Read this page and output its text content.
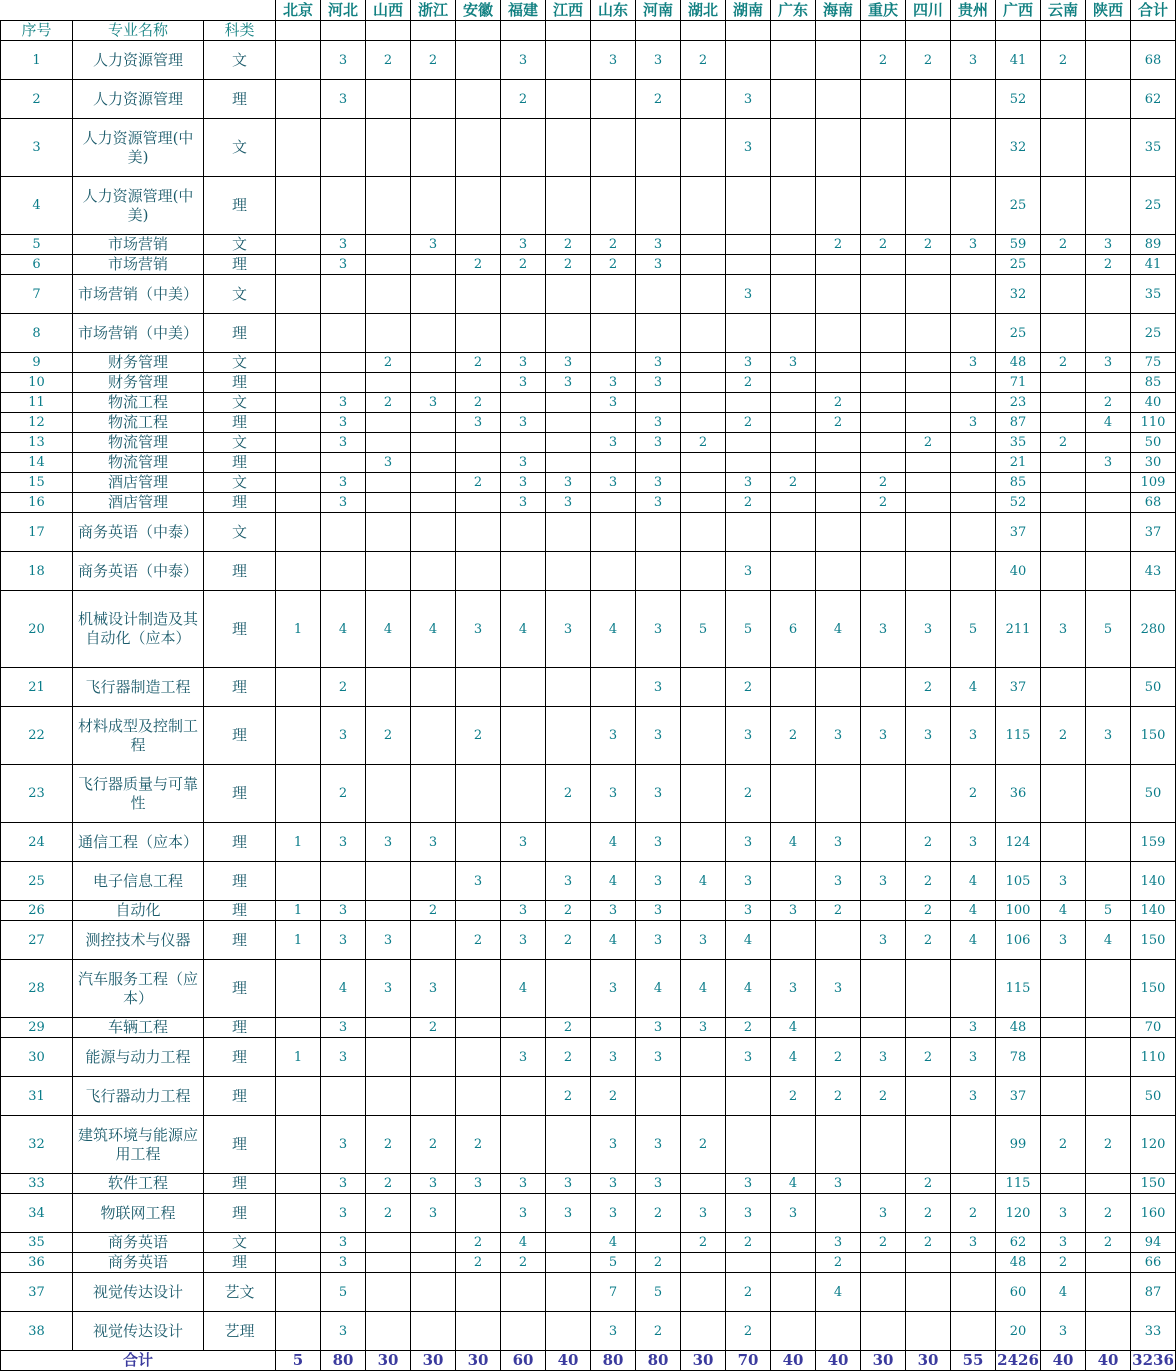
			北京	河北	山西	浙江	安徽	福建	江西	山东	河南	湖北	湖南	广东	海南	重庆	四川	贵州	广西	云南	陕西	合计
序号	专业名称	科类																				
1	人力资源管理	文		3	2	2		3		3	3	2				2	2	3	41	2		68
2	人力资源管理	理		3				2			2		3						52			62
3	人力资源管理(中美)	文											3						32			35
4	人力资源管理(中美)	理																	25			25
5	市场营销	文		3		3		3	2	2	3				2	2	2	3	59	2	3	89
6	市场营销	理		3			2	2	2	2	3								25		2	41
7	市场营销（中美）	文											3						32			35
8	市场营销（中美）	理																	25			25
9	财务管理	文			2		2	3	3		3		3	3				3	48	2	3	75
10	财务管理	理						3	3	3	3		2						71			85
11	物流工程	文		3	2	3	2			3					2				23		2	40
12	物流工程	理		3			3	3			3		2		2			3	87		4	110
13	物流管理	文		3						3	3	2					2		35	2		50
14	物流管理	理			3			3											21		3	30
15	酒店管理	文		3			2	3	3	3	3		3	2		2			85			109
16	酒店管理	理		3				3	3		3		2			2			52			68
17	商务英语（中泰）	文																	37			37
18	商务英语（中泰）	理											3						40			43
20	机械设计制造及其自动化（应本）	理	1	4	4	4	3	4	3	4	3	5	5	6	4	3	3	5	211	3	5	280
21	飞行器制造工程	理		2							3		2				2	4	37			50
22	材料成型及控制工程	理		3	2		2			3	3		3	2	3	3	3	3	115	2	3	150
23	飞行器质量与可靠性	理		2					2	3	3		2					2	36			50
24	通信工程（应本）	理	1	3	3	3		3		4	3		3	4	3		2	3	124			159
25	电子信息工程	理					3		3	4	3	4	3		3	3	2	4	105	3		140
26	自动化	理	1	3		2		3	2	3	3		3	3	2		2	4	100	4	5	140
27	测控技术与仪器	理	1	3	3		2	3	2	4	3	3	4			3	2	4	106	3	4	150
28	汽车服务工程（应本）	理		4	3	3		4		3	4	4	4	3	3				115			150
29	车辆工程	理		3		2			2		3	3	2	4				3	48			70
30	能源与动力工程	理	1	3				3	2	3	3		3	4	2	3	2	3	78			110
31	飞行器动力工程	理							2	2				2	2	2		3	37			50
32	建筑环境与能源应用工程	理		3	2	2	2			3	3	2							99	2	2	120
33	软件工程	理		3	2	3	3	3	3	3	3		3	4	3		2		115			150
34	物联网工程	理		3	2	3		3	3	3	2	3	3	3		3	2	2	120	3	2	160
35	商务英语	文		3			2	4		4		2	2		3	2	2	3	62	3	2	94
36	商务英语	理		3			2	2		5	2				2				48	2		66
37	视觉传达设计	艺文		5						7	5		2		4				60	4		87
38	视觉传达设计	艺理		3						3	2		2						20	3		33
合计			5	80	30	30	30	60	40	80	80	30	70	40	40	30	30	55	2426	40	40	3236
